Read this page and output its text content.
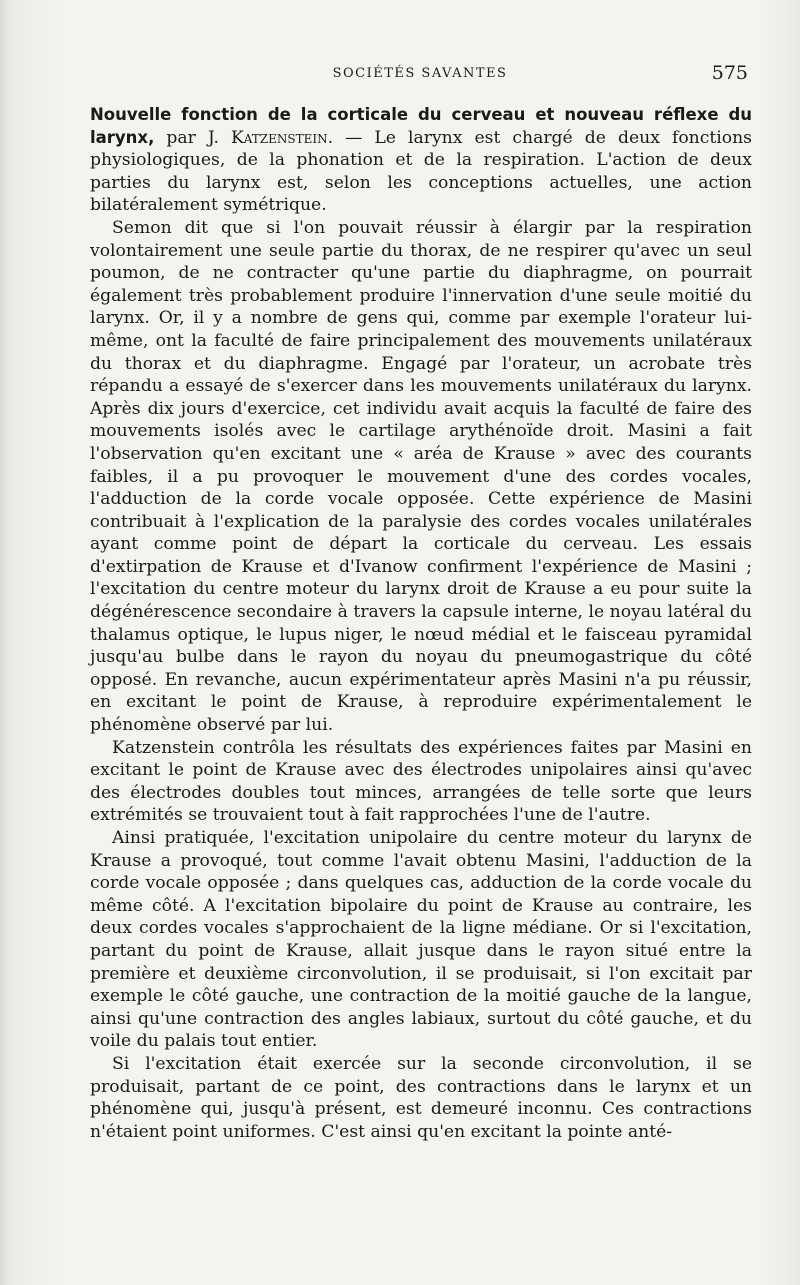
SOCIÉTÉS SAVANTES	575

Nouvelle fonction de la corticale du cerveau et nouveau réflexe du larynx, par J. Katzenstein. — Le larynx est chargé de deux fonctions physiologiques, de la phonation et de la respiration. L'action de deux parties du larynx est, selon les conceptions actuelles, une action bilatéralement symétrique.

Semon dit que si l'on pouvait réussir à élargir par la respiration volontairement une seule partie du thorax, de ne respirer qu'avec un seul poumon, de ne contracter qu'une partie du diaphragme, on pourrait également très probablement produire l'innervation d'une seule moitié du larynx. Or, il y a nombre de gens qui, comme par exemple l'orateur lui-même, ont la faculté de faire principalement des mouvements unilatéraux du thorax et du diaphragme. Engagé par l'orateur, un acrobate très répandu a essayé de s'exercer dans les mouvements unilatéraux du larynx. Après dix jours d'exercice, cet individu avait acquis la faculté de faire des mouvements isolés avec le cartilage arythénoïde droit. Masini a fait l'observation qu'en excitant une « aréa de Krause » avec des courants faibles, il a pu provoquer le mouvement d'une des cordes vocales, l'adduction de la corde vocale opposée. Cette expérience de Masini contribuait à l'explication de la paralysie des cordes vocales unilatérales ayant comme point de départ la corticale du cerveau. Les essais d'extirpation de Krause et d'Ivanow confirment l'expérience de Masini ; l'excitation du centre moteur du larynx droit de Krause a eu pour suite la dégénérescence secondaire à travers la capsule interne, le noyau latéral du thalamus optique, le lupus niger, le nœud médial et le faisceau pyramidal jusqu'au bulbe dans le rayon du noyau du pneumogastrique du côté opposé. En revanche, aucun expérimentateur après Masini n'a pu réussir, en excitant le point de Krause, à reproduire expérimentalement le phénomène observé par lui.

Katzenstein contrôla les résultats des expériences faites par Masini en excitant le point de Krause avec des électrodes unipolaires ainsi qu'avec des électrodes doubles tout minces, arrangées de telle sorte que leurs extrémités se trouvaient tout à fait rapprochées l'une de l'autre.

Ainsi pratiquée, l'excitation unipolaire du centre moteur du larynx de Krause a provoqué, tout comme l'avait obtenu Masini, l'adduction de la corde vocale opposée ; dans quelques cas, adduction de la corde vocale du même côté. A l'excitation bipolaire du point de Krause au contraire, les deux cordes vocales s'approchaient de la ligne médiane. Or si l'excitation, partant du point de Krause, allait jusque dans le rayon situé entre la première et deuxième circonvolution, il se produisait, si l'on excitait par exemple le côté gauche, une contraction de la moitié gauche de la langue, ainsi qu'une contraction des angles labiaux, surtout du côté gauche, et du voile du palais tout entier.

Si l'excitation était exercée sur la seconde circonvolution, il se produisait, partant de ce point, des contractions dans le larynx et un phénomène qui, jusqu'à présent, est demeuré inconnu. Ces contractions n'étaient point uniformes. C'est ainsi qu'en excitant la pointe anté-
